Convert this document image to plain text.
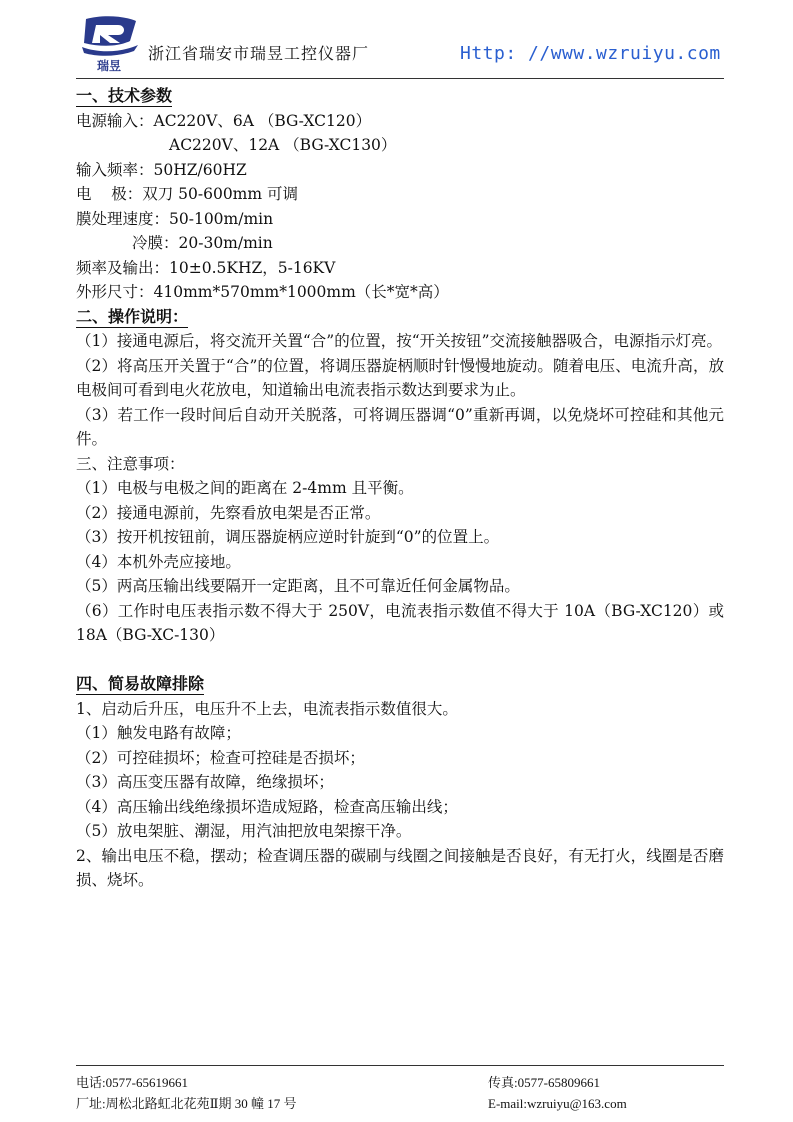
瑞昱
浙江省瑞安市瑞昱工控仪器厂	Http: //www.wzruiyu.com
一、技术参数
电源输入：AC220V、6A （BG-XC120）
AC220V、12A （BG-XC130）
输入频率：50HZ/60HZ
电    极：双刀 50-600mm 可调
膜处理速度：50-100m/min
冷膜：20-30m/min
频率及输出：10±0.5KHZ，5-16KV
外形尺寸：410mm*570mm*1000mm（长*宽*高）
二、操作说明：
（1）接通电源后，将交流开关置“合”的位置，按“开关按钮”交流接触器吸合，电源指示灯亮。
（2）将高压开关置于“合”的位置，将调压器旋柄顺时针慢慢地旋动。随着电压、电流升高，放电极间可看到电火花放电，知道输出电流表指示数达到要求为止。
（3）若工作一段时间后自动开关脱落，可将调压器调“0”重新再调，以免烧坏可控硅和其他元件。
三、注意事项：
（1）电极与电极之间的距离在 2-4mm 且平衡。
（2）接通电源前，先察看放电架是否正常。
（3）按开机按钮前，调压器旋柄应逆时针旋到“0”的位置上。
（4）本机外壳应接地。
（5）两高压输出线要隔开一定距离，且不可靠近任何金属物品。
（6）工作时电压表指示数不得大于 250V，电流表指示数值不得大于 10A（BG-XC120）或 18A（BG-XC-130）
四、简易故障排除
1、启动后升压，电压升不上去，电流表指示数值很大。
（1）触发电路有故障；
（2）可控硅损坏；检查可控硅是否损坏；
（3）高压变压器有故障，绝缘损坏；
（4）高压输出线绝缘损坏造成短路，检查高压输出线；
（5）放电架脏、潮湿，用汽油把放电架擦干净。
2、输出电压不稳，摆动；检查调压器的碳刷与线圈之间接触是否良好，有无打火，线圈是否磨损、烧坏。
电话:0577-65619661	传真:0577-65809661
厂址:周松北路虹北花苑Ⅱ期 30 幢 17 号	E-mail:wzruiyu@163.com
